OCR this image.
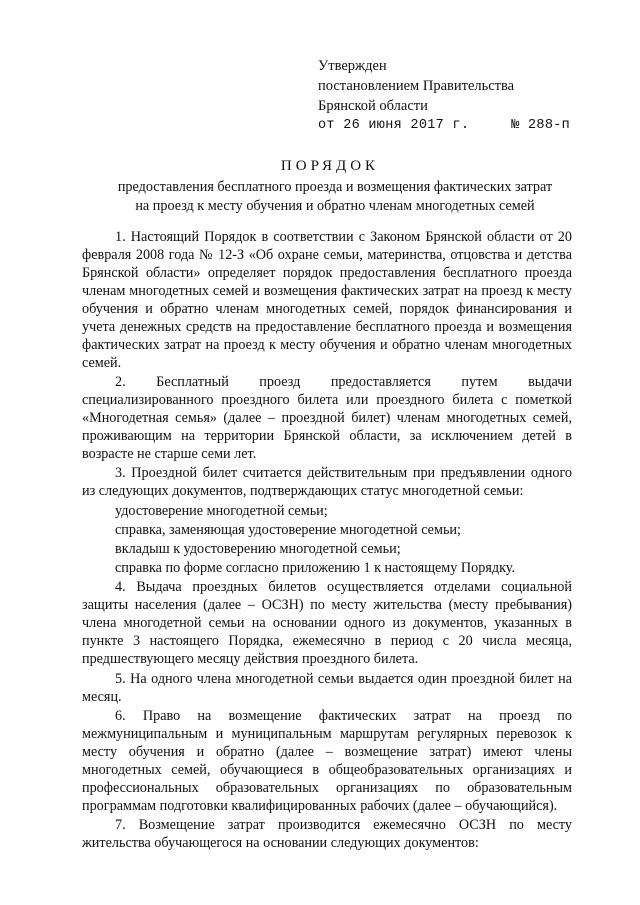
Утвержден
постановлением Правительства
Брянской области
от 26 июня 2017 г.     № 288-п
ПОРЯДОК
предоставления бесплатного проезда и возмещения фактических затрат
на проезд к месту обучения и обратно членам многодетных семей

1. Настоящий Порядок в соответствии с Законом Брянской области от 20 февраля 2008 года № 12-З «Об охране семьи, материнства, отцовства и детства Брянской области» определяет порядок предоставления бесплатного проезда членам многодетных семей и возмещения фактических затрат на проезд к месту обучения и обратно членам многодетных семей, порядок финансирования и учета денежных средств на предоставление бесплатного проезда и возмещения фактических затрат на проезд к месту обучения и обратно членам многодетных семей.

2. Бесплатный проезд предоставляется путем выдачи специализированного проездного билета или проездного билета с пометкой «Многодетная семья» (далее – проездной билет) членам многодетных семей, проживающим на территории Брянской области, за исключением детей в возрасте не старше семи лет.

3. Проездной билет считается действительным при предъявлении одного из следующих документов, подтверждающих статус многодетной семьи:

удостоверение многодетной семьи;

справка, заменяющая удостоверение многодетной семьи;

вкладыш к удостоверению многодетной семьи;

справка по форме согласно приложению 1 к настоящему Порядку.

4. Выдача проездных билетов осуществляется отделами социальной защиты населения (далее – ОСЗН) по месту жительства (месту пребывания) члена многодетной семьи на основании одного из документов, указанных в пункте 3 настоящего Порядка, ежемесячно в период с 20 числа месяца, предшествующего месяцу действия проездного билета.

5. На одного члена многодетной семьи выдается один проездной билет на месяц.

6. Право на возмещение фактических затрат на проезд по межмуниципальным и муниципальным маршрутам регулярных перевозок к месту обучения и обратно (далее – возмещение затрат) имеют члены многодетных семей, обучающиеся в общеобразовательных организациях и профессиональных образовательных организациях по образовательным программам подготовки квалифицированных рабочих (далее – обучающийся).

7. Возмещение затрат производится ежемесячно ОСЗН по месту жительства обучающегося на основании следующих документов:
